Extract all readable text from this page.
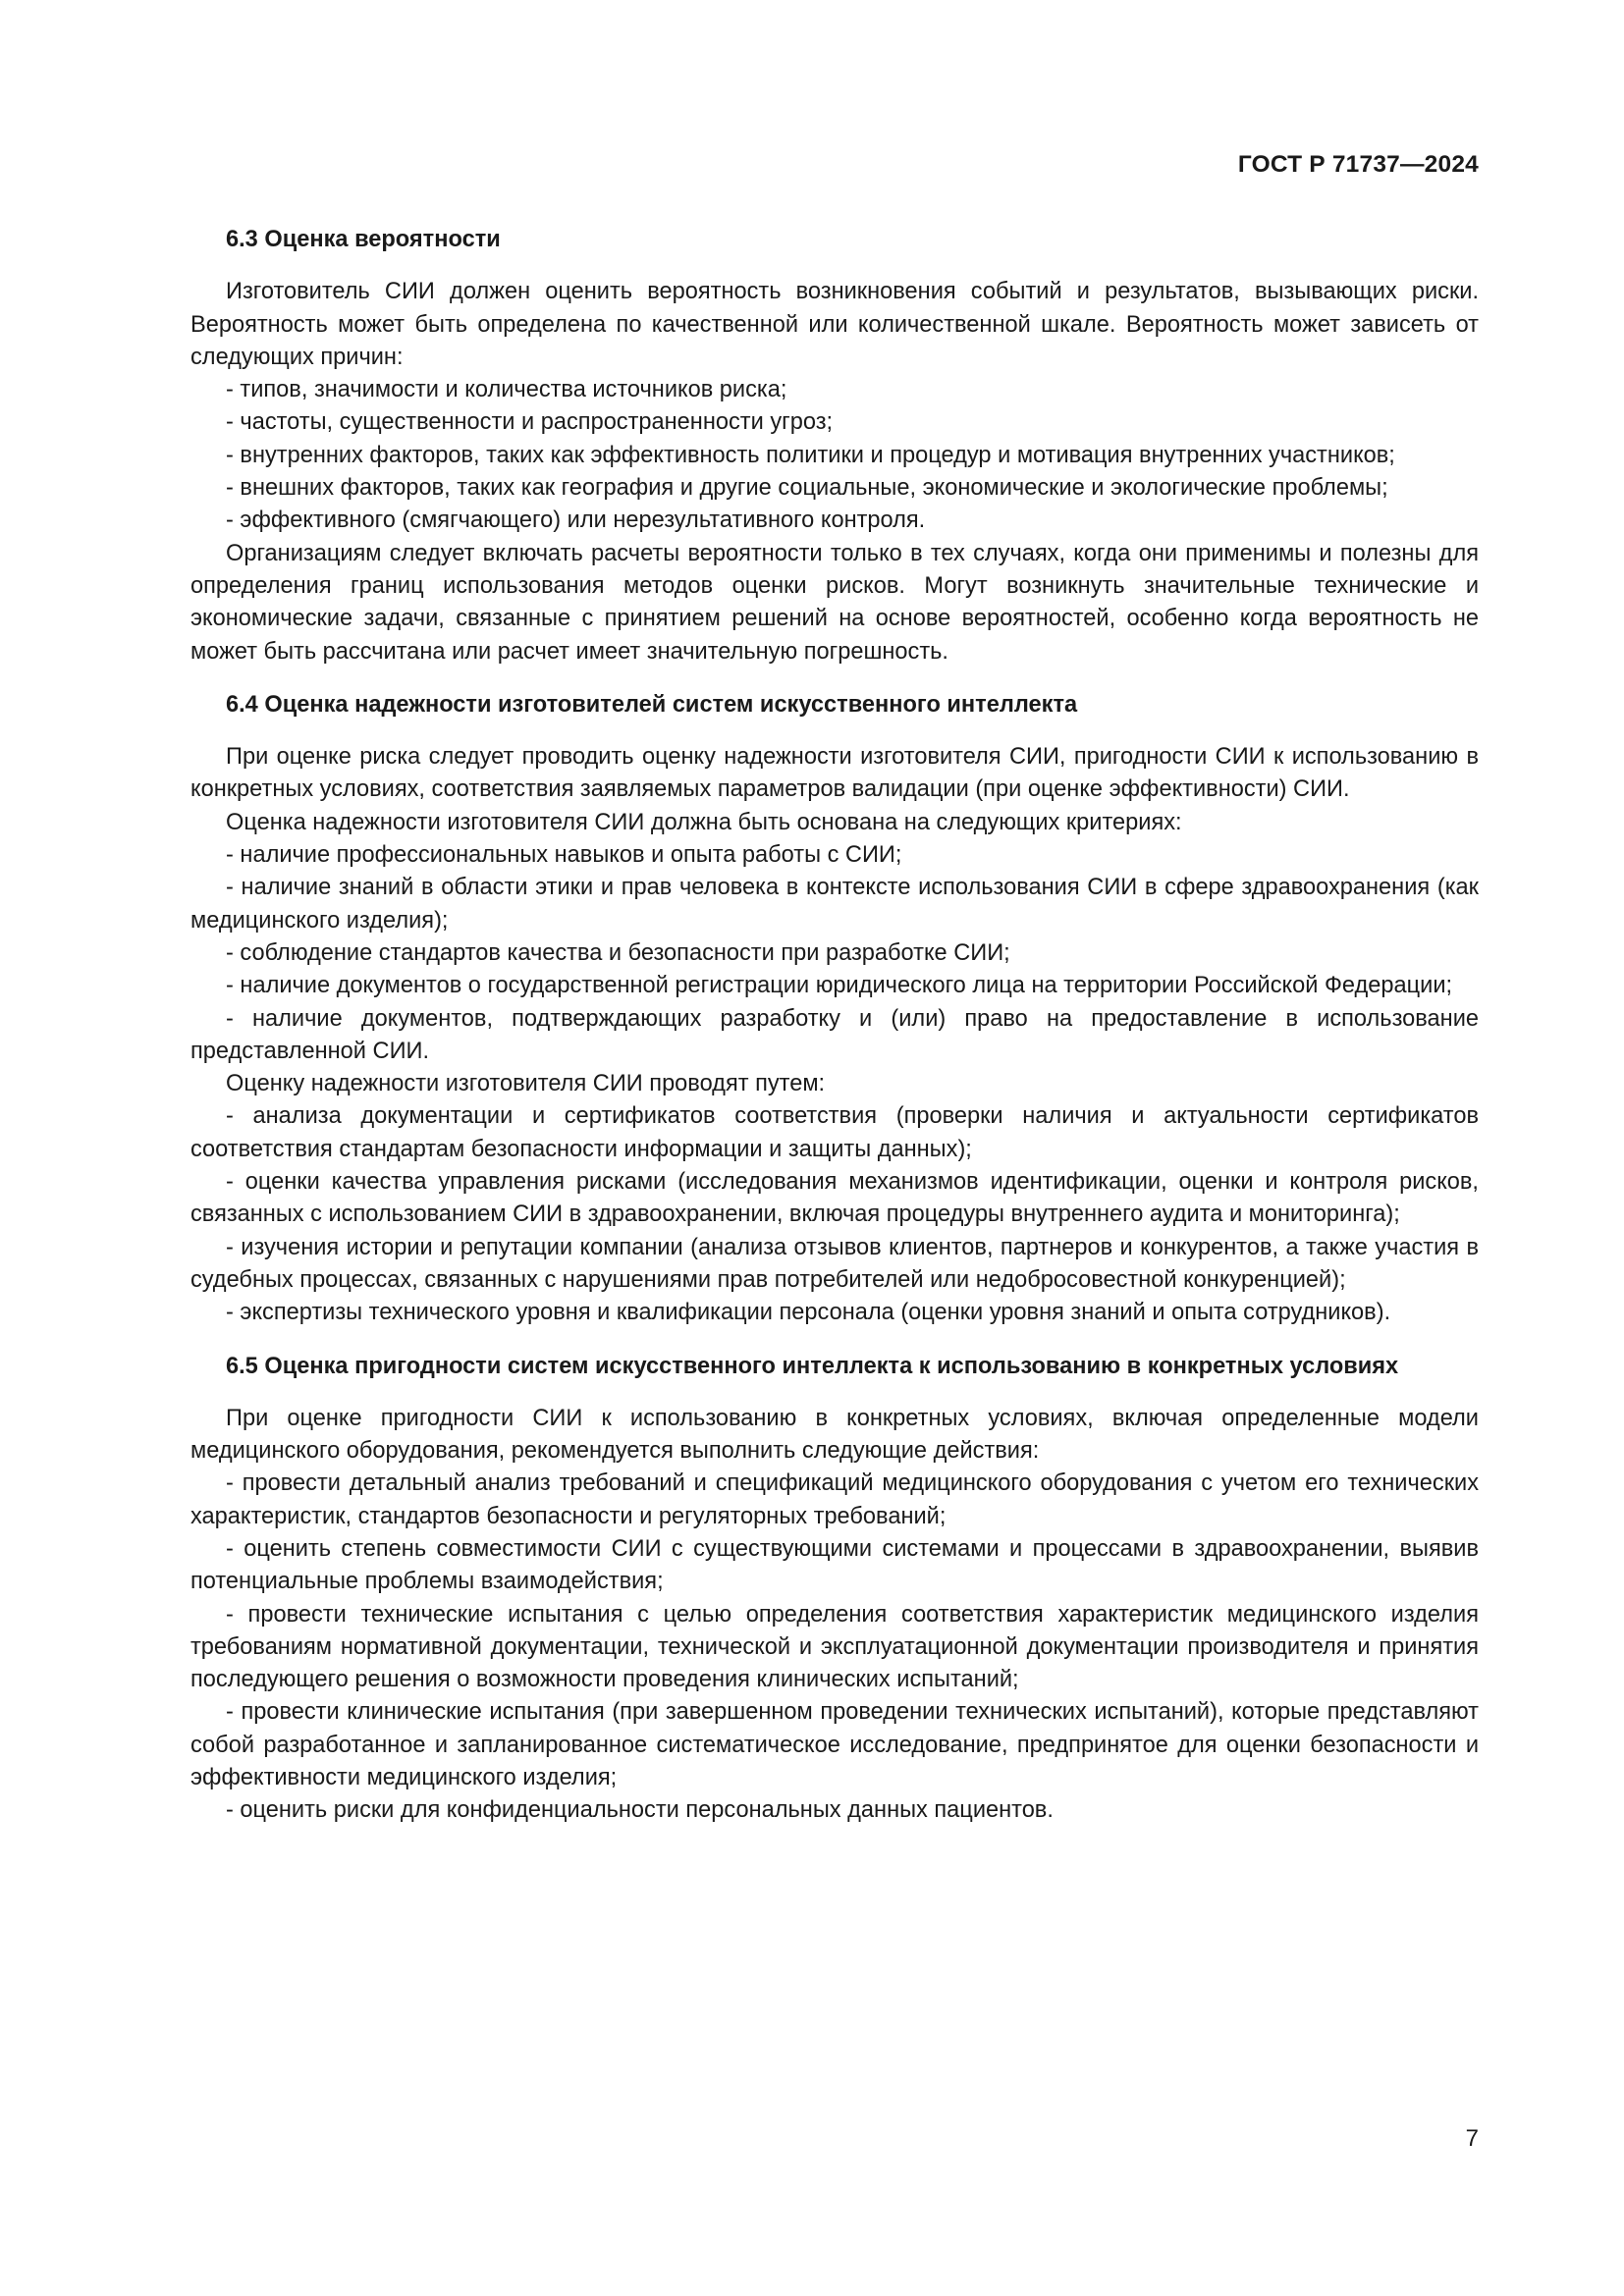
ГОСТ Р 71737—2024
6.3 Оценка вероятности

Изготовитель СИИ должен оценить вероятность возникновения событий и результатов, вызывающих риски. Вероятность может быть определена по качественной или количественной шкале. Вероятность может зависеть от следующих причин:

- типов, значимости и количества источников риска;

- частоты, существенности и распространенности угроз;

- внутренних факторов, таких как эффективность политики и процедур и мотивация внутренних участников;

- внешних факторов, таких как география и другие социальные, экономические и экологические проблемы;

- эффективного (смягчающего) или нерезультативного контроля.

Организациям следует включать расчеты вероятности только в тех случаях, когда они применимы и полезны для определения границ использования методов оценки рисков. Могут возникнуть значительные технические и экономические задачи, связанные с принятием решений на основе вероятностей, особенно когда вероятность не может быть рассчитана или расчет имеет значительную погрешность.

6.4 Оценка надежности изготовителей систем искусственного интеллекта

При оценке риска следует проводить оценку надежности изготовителя СИИ, пригодности СИИ к использованию в конкретных условиях, соответствия заявляемых параметров валидации (при оценке эффективности) СИИ.

Оценка надежности изготовителя СИИ должна быть основана на следующих критериях:

- наличие профессиональных навыков и опыта работы с СИИ;

- наличие знаний в области этики и прав человека в контексте использования СИИ в сфере здравоохранения (как медицинского изделия);

- соблюдение стандартов качества и безопасности при разработке СИИ;

- наличие документов о государственной регистрации юридического лица на территории Российской Федерации;

- наличие документов, подтверждающих разработку и (или) право на предоставление в использование представленной СИИ.

Оценку надежности изготовителя СИИ проводят путем:

- анализа документации и сертификатов соответствия (проверки наличия и актуальности сертификатов соответствия стандартам безопасности информации и защиты данных);

- оценки качества управления рисками (исследования механизмов идентификации, оценки и контроля рисков, связанных с использованием СИИ в здравоохранении, включая процедуры внутреннего аудита и мониторинга);

- изучения истории и репутации компании (анализа отзывов клиентов, партнеров и конкурентов, а также участия в судебных процессах, связанных с нарушениями прав потребителей или недобросовестной конкуренцией);

- экспертизы технического уровня и квалификации персонала (оценки уровня знаний и опыта сотрудников).

6.5 Оценка пригодности систем искусственного интеллекта к использованию в конкретных условиях

При оценке пригодности СИИ к использованию в конкретных условиях, включая определенные модели медицинского оборудования, рекомендуется выполнить следующие действия:

- провести детальный анализ требований и спецификаций медицинского оборудования с учетом его технических характеристик, стандартов безопасности и регуляторных требований;

- оценить степень совместимости СИИ с существующими системами и процессами в здравоохранении, выявив потенциальные проблемы взаимодействия;

- провести технические испытания с целью определения соответствия характеристик медицинского изделия требованиям нормативной документации, технической и эксплуатационной документации производителя и принятия последующего решения о возможности проведения клинических испытаний;

- провести клинические испытания (при завершенном проведении технических испытаний), которые представляют собой разработанное и запланированное систематическое исследование, предпринятое для оценки безопасности и эффективности медицинского изделия;

- оценить риски для конфиденциальности персональных данных пациентов.

7
